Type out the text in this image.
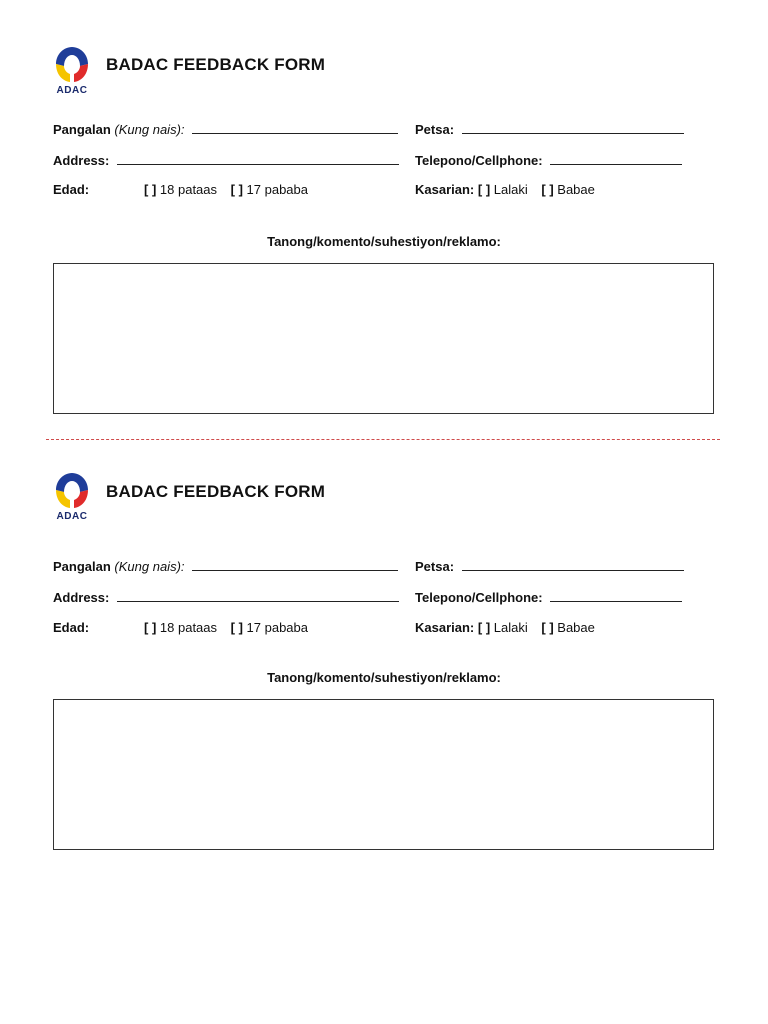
ADAC
BADAC FEEDBACK FORM
Pangalan (Kung nais):	Petsa:
Address:	Telepono/Cellphone:
Edad:	[ ] 18 pataas [ ] 17 pababa	Kasarian: [ ] Lalaki [ ] Babae
Tanong/komento/suhestiyon/reklamo:
ADAC
BADAC FEEDBACK FORM
Pangalan (Kung nais):	Petsa:
Address:	Telepono/Cellphone:
Edad:	[ ] 18 pataas [ ] 17 pababa	Kasarian: [ ] Lalaki [ ] Babae
Tanong/komento/suhestiyon/reklamo:
